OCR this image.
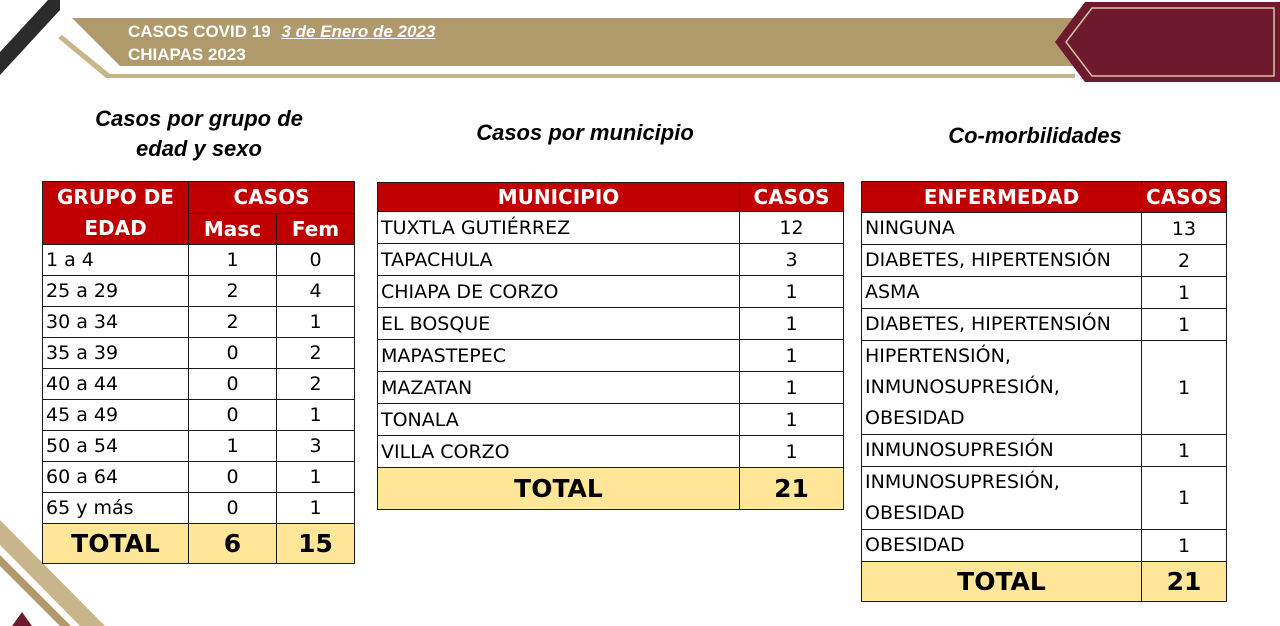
CASOS COVID 19 3 de Enero de 2023
CHIAPAS 2023
Casos por grupo de
edad y sexo
Casos por municipio	Co-morbilidades
GRUPO DE
EDAD	CASOS	
	Masc	Fem
1 a 4	1	0
25 a 29	2	4
30 a 34	2	1
35 a 39	0	2
40 a 44	0	2
45 a 49	0	1
50 a 54	1	3
60 a 64	0	1
65 y más	0	1
TOTAL	6	15
MUNICIPIO	CASOS
TUXTLA GUTIÉRREZ	12
TAPACHULA	3
CHIAPA DE CORZO	1
EL BOSQUE	1
MAPASTEPEC	1
MAZATAN	1
TONALA	1
VILLA CORZO	1
TOTAL	21
ENFERMEDAD	CASOS

NINGUNA	13

DIABETES, HIPERTENSIÓN	2

ASMA	1

DIABETES, HIPERTENSIÓN	1

HIPERTENSIÓN,
INMUNOSUPRESIÓN,
OBESIDAD	1

INMUNOSUPRESIÓN	1

INMUNOSUPRESIÓN,
OBESIDAD	1

OBESIDAD	1
TOTAL	21
